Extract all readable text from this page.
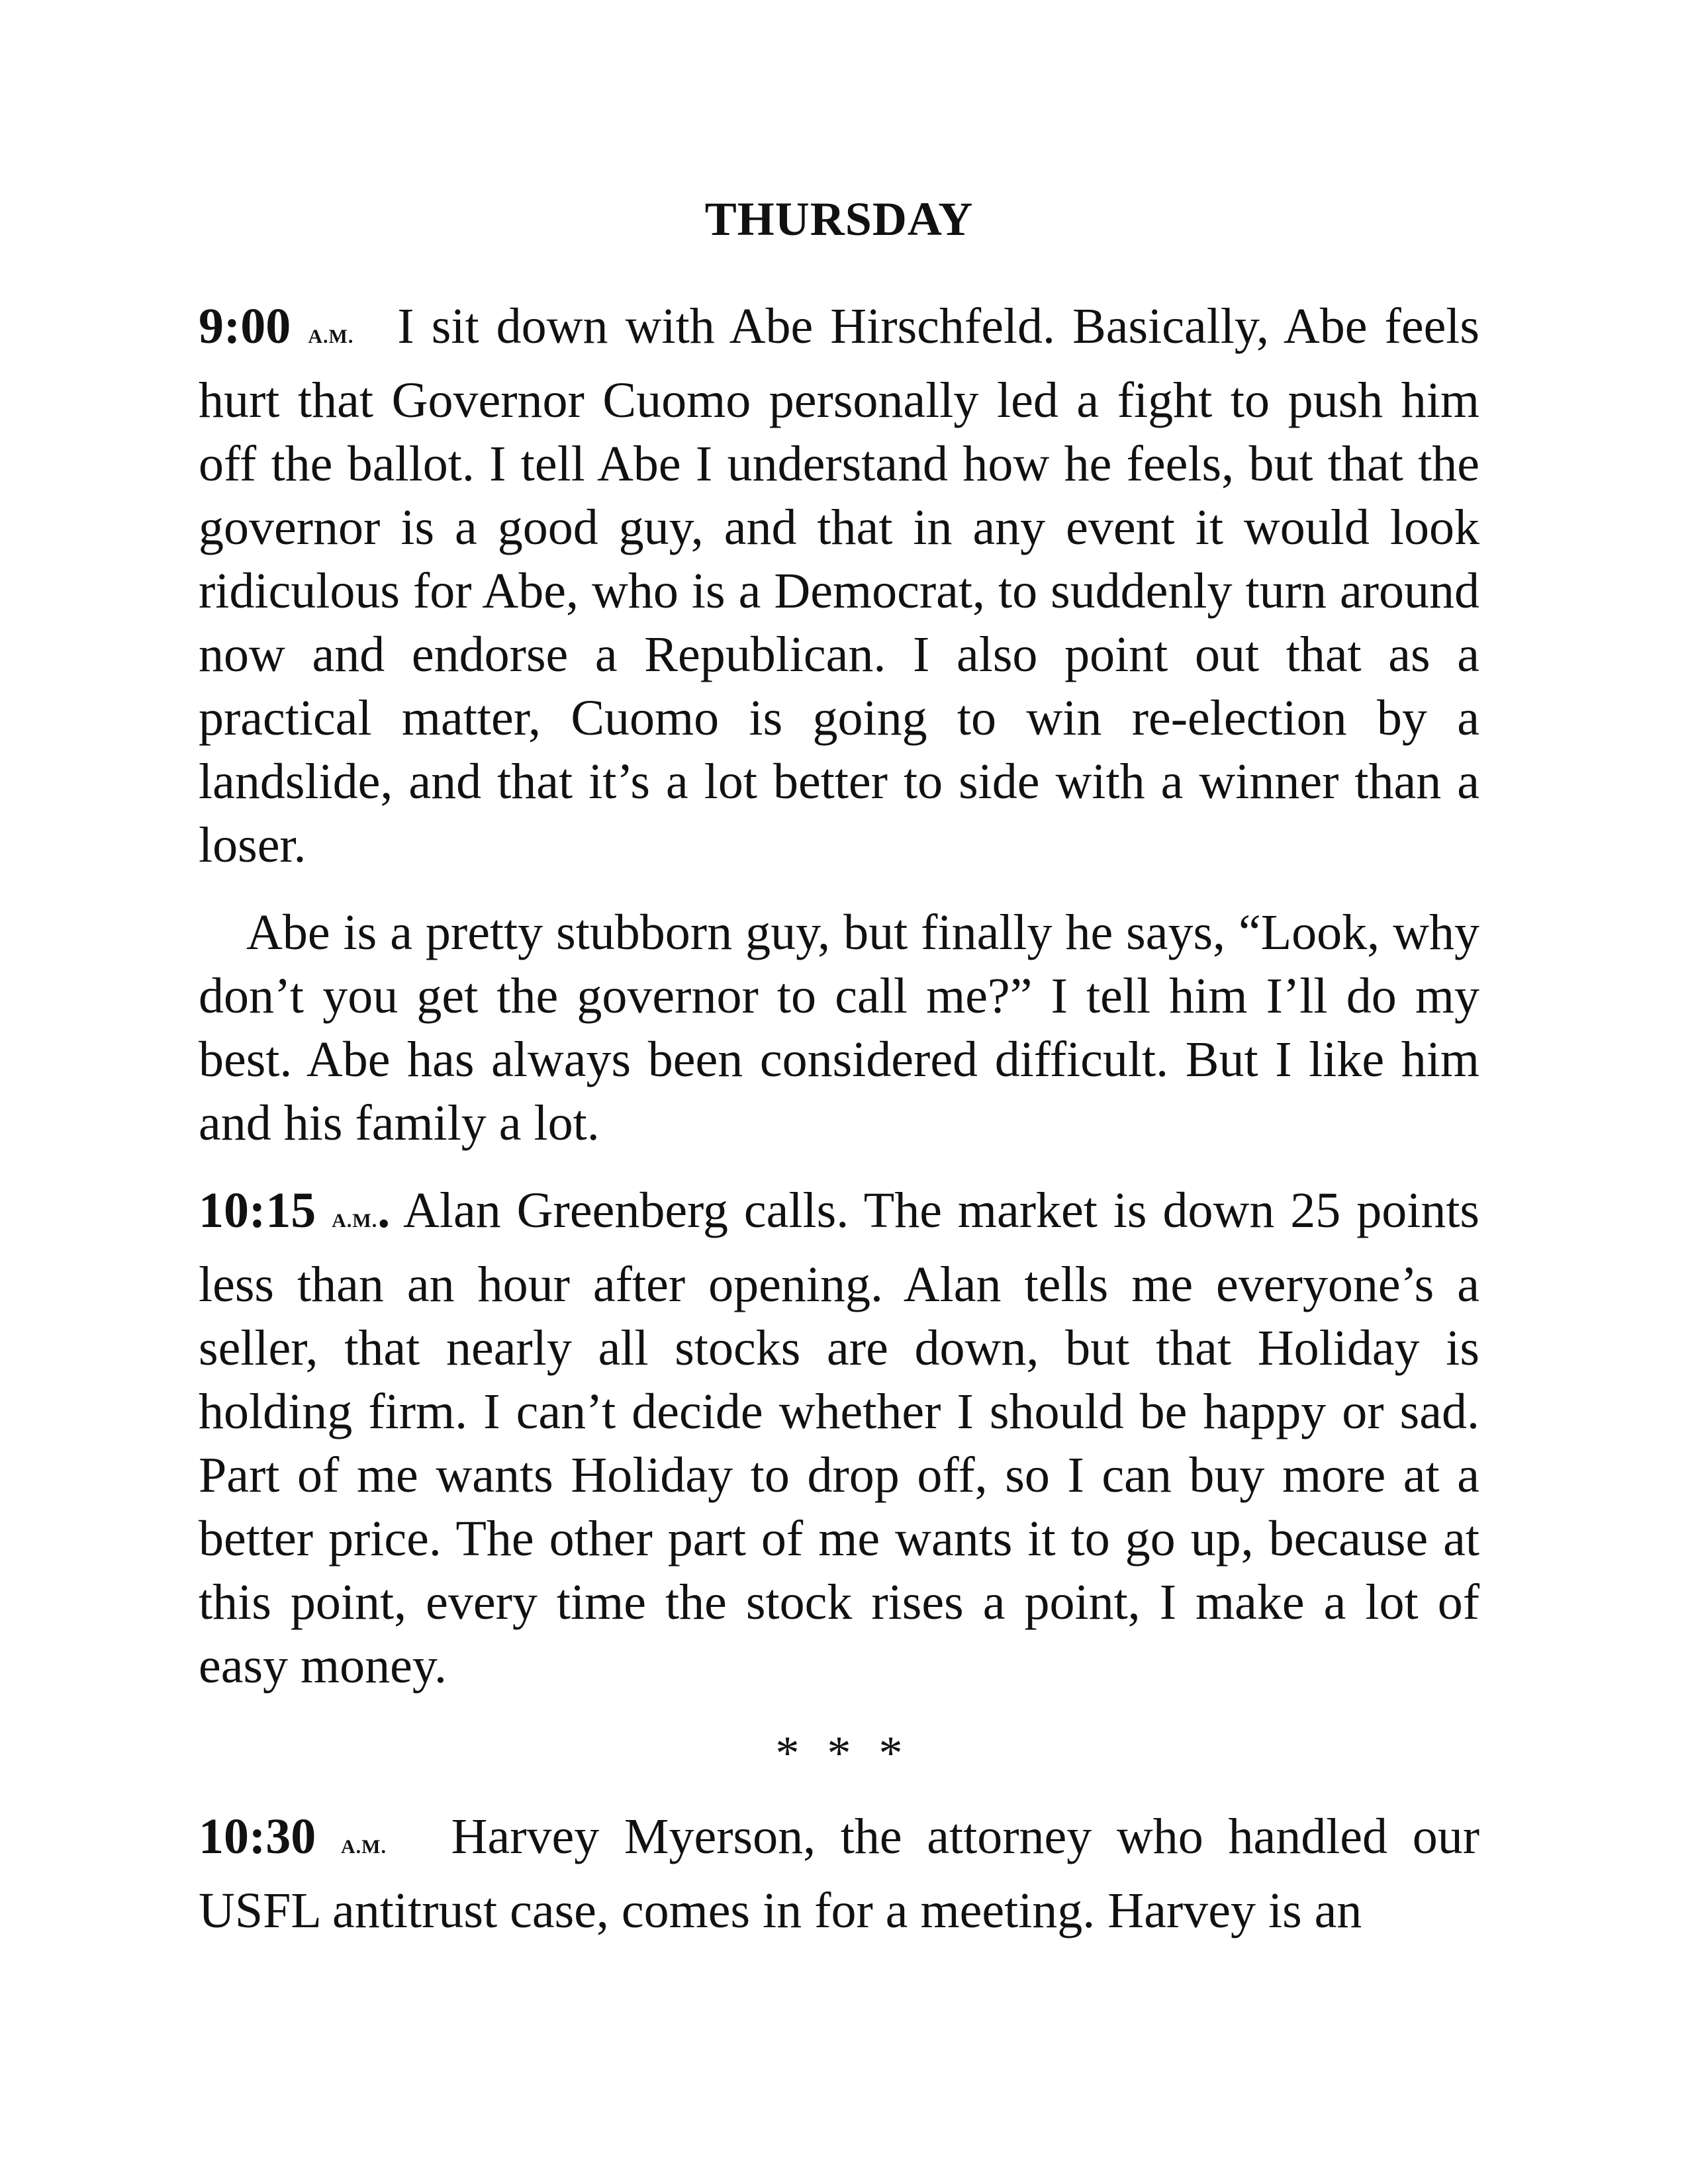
THURSDAY

9:00 A.M. I sit down with Abe Hirschfeld. Basically, Abe feels hurt that Governor Cuomo personally led a fight to push him off the ballot. I tell Abe I understand how he feels, but that the governor is a good guy, and that in any event it would look ridiculous for Abe, who is a Democrat, to suddenly turn around now and endorse a Republican. I also point out that as a practical matter, Cuomo is going to win re-election by a landslide, and that it’s a lot better to side with a winner than a loser.

Abe is a pretty stubborn guy, but finally he says, “Look, why don’t you get the governor to call me?” I tell him I’ll do my best. Abe has always been considered difficult. But I like him and his family a lot.

10:15 A.M.. Alan Greenberg calls. The market is down 25 points less than an hour after opening. Alan tells me everyone’s a seller, that nearly all stocks are down, but that Holiday is holding firm. I can’t decide whether I should be happy or sad. Part of me wants Holiday to drop off, so I can buy more at a better price. The other part of me wants it to go up, because at this point, every time the stock rises a point, I make a lot of easy money.

* * *

10:30 A.M. Harvey Myerson, the attorney who handled our USFL antitrust case, comes in for a meeting. Harvey is an
